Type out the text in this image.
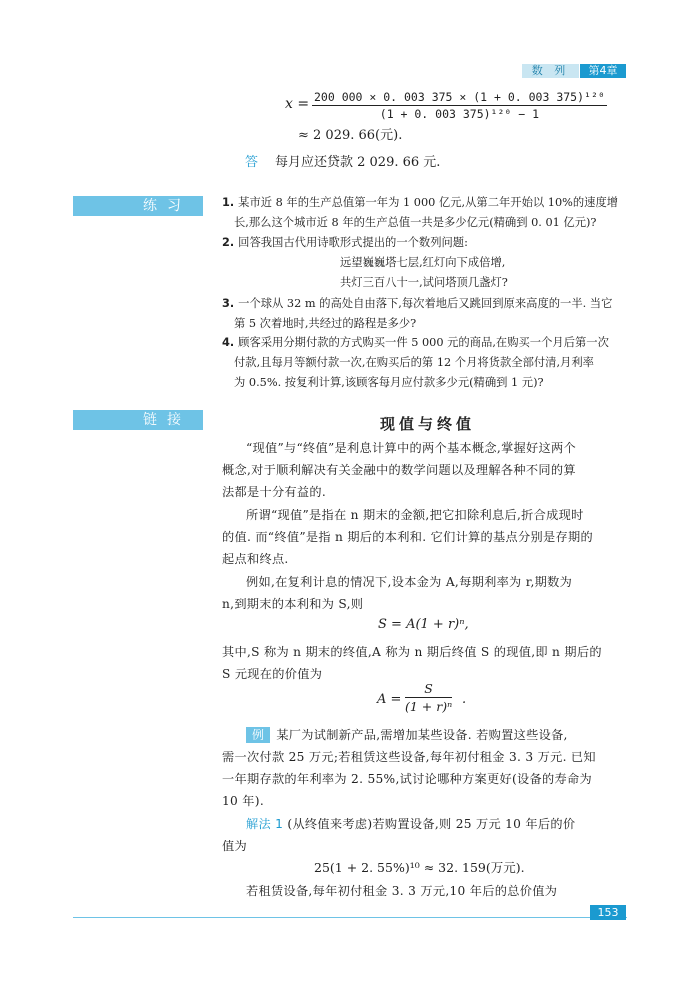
数 列	第4章
$x = \frac{\text{200 000 × 0. 003 375 × (1 + 0. 003 375)¹²⁰}}{\text{(1 + 0. 003 375)¹²⁰ − 1}}$
≈ 2 029. 66(元).
答 每月应还贷款 2 029. 66 元.
练习	1. 某市近 8 年的生产总值第一年为 1 000 亿元,从第二年开始以 10%的速度增
长,那么这个城市近 8 年的生产总值一共是多少亿元(精确到 0. 01 亿元)?
2. 回答我国古代用诗歌形式提出的一个数列问题:
远望巍巍塔七层,红灯向下成倍增,
共灯三百八十一,试问塔顶几盏灯?
3. 一个球从 32 m 的高处自由落下,每次着地后又跳回到原来高度的一半. 当它
第 5 次着地时,共经过的路程是多少?
4. 顾客采用分期付款的方式购买一件 5 000 元的商品,在购买一个月后第一次
付款,且每月等额付款一次,在购买后的第 12 个月将货款全部付清,月利率
为 0.5%. 按复利计算,该顾客每月应付款多少元(精确到 1 元)?
链接	现值与终值
“现值”与“终值”是利息计算中的两个基本概念,掌握好这两个
概念,对于顺利解决有关金融中的数学问题以及理解各种不同的算
法都是十分有益的.
所谓“现值”是指在 n 期末的金额,把它扣除利息后,折合成现时
的值. 而“终值”是指 n 期后的本利和. 它们计算的基点分别是存期的
起点和终点.
例如,在复利计息的情况下,设本金为 A,每期利率为 r,期数为
n,到期末的本利和为 S,则
S = A(1 + r)ⁿ,
其中,S 称为 n 期末的终值,A 称为 n 期后终值 S 的现值,即 n 期后的
S 元现在的价值为
$A = \frac{S}{\text{(1 + r)ⁿ}}$ .
例 某厂为试制新产品,需增加某些设备. 若购置这些设备,
需一次付款 25 万元;若租赁这些设备,每年初付租金 3. 3 万元. 已知
一年期存款的年利率为 2. 55%,试讨论哪种方案更好(设备的寿命为
10 年).
解法 1 (从终值来考虑)若购置设备,则 25 万元 10 年后的价
值为
25(1 + 2. 55%)¹⁰ ≈ 32. 159(万元).
若租赁设备,每年初付租金 3. 3 万元,10 年后的总价值为
153
